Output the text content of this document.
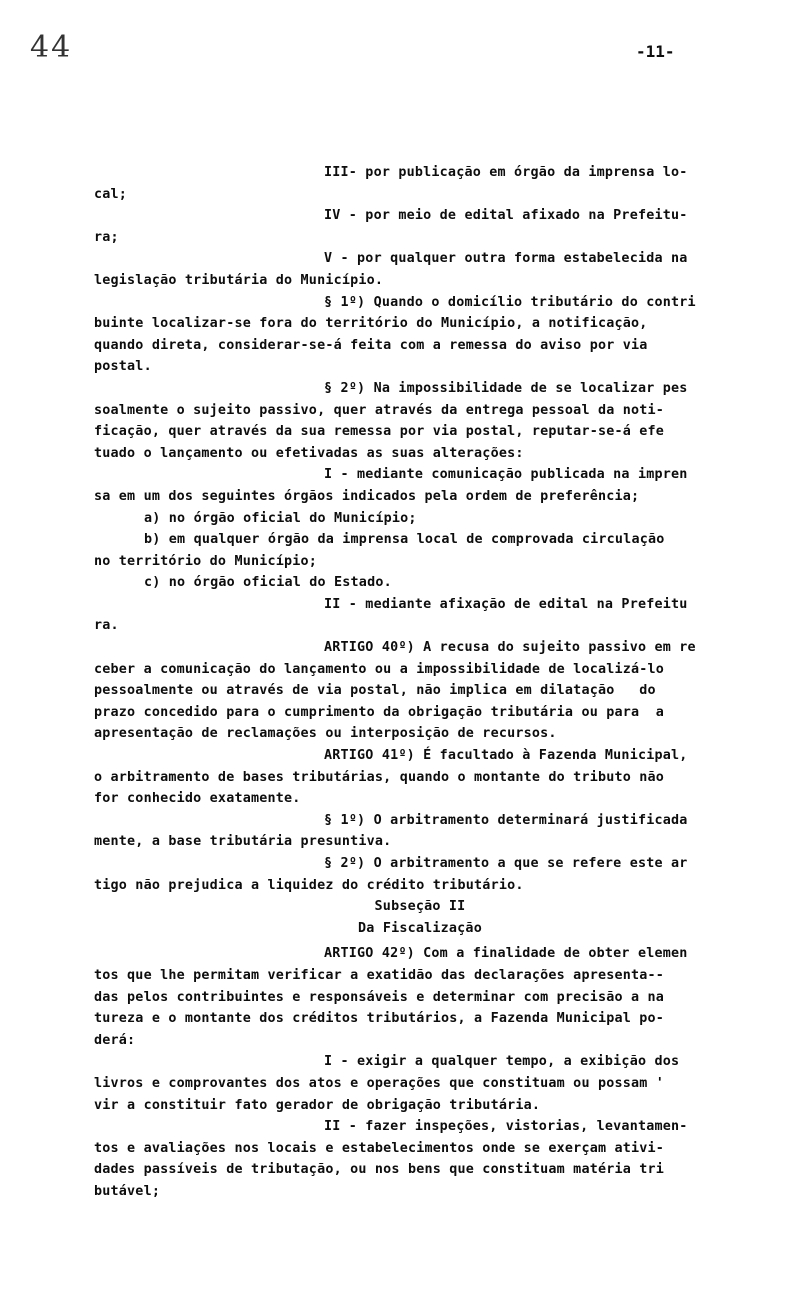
44	-11-
III- por publicação em órgão da imprensa lo-
cal;
IV - por meio de edital afixado na Prefeitu-
ra;
V - por qualquer outra forma estabelecida na
legislação tributária do Município.
§ 1º) Quando o domicílio tributário do contri
buinte localizar-se fora do território do Município, a notificação,
quando direta, considerar-se-á feita com a remessa do aviso por via
postal.
§ 2º) Na impossibilidade de se localizar pes
soalmente o sujeito passivo, quer através da entrega pessoal da noti-
ficação, quer através da sua remessa por via postal, reputar-se-á efe
tuado o lançamento ou efetivadas as suas alterações:
I - mediante comunicação publicada na impren
sa em um dos seguintes órgãos indicados pela ordem de preferência;
a) no órgão oficial do Município;
b) em qualquer órgão da imprensa local de comprovada circulação
no território do Município;
c) no órgão oficial do Estado.
II - mediante afixação de edital na Prefeitu
ra.
ARTIGO 40º) A recusa do sujeito passivo em re
ceber a comunicação do lançamento ou a impossibilidade de localizá-lo
pessoalmente ou através de via postal, não implica em dilatação   do
prazo concedido para o cumprimento da obrigação tributária ou para  a
apresentação de reclamações ou interposição de recursos.
ARTIGO 41º) É facultado à Fazenda Municipal,
o arbitramento de bases tributárias, quando o montante do tributo não
for conhecido exatamente.
§ 1º) O arbitramento determinará justificada
mente, a base tributária presuntiva.
§ 2º) O arbitramento a que se refere este ar
tigo não prejudica a liquidez do crédito tributário.
Subseção II
Da Fiscalização
ARTIGO 42º) Com a finalidade de obter elemen
tos que lhe permitam verificar a exatidão das declarações apresenta--
das pelos contribuintes e responsáveis e determinar com precisão a na
tureza e o montante dos créditos tributários, a Fazenda Municipal po-
derá:
I - exigir a qualquer tempo, a exibição dos
livros e comprovantes dos atos e operações que constituam ou possam '
vir a constituir fato gerador de obrigação tributária.
II - fazer inspeções, vistorias, levantamen-
tos e avaliações nos locais e estabelecimentos onde se exerçam ativi-
dades passíveis de tributação, ou nos bens que constituam matéria tri
butável;
